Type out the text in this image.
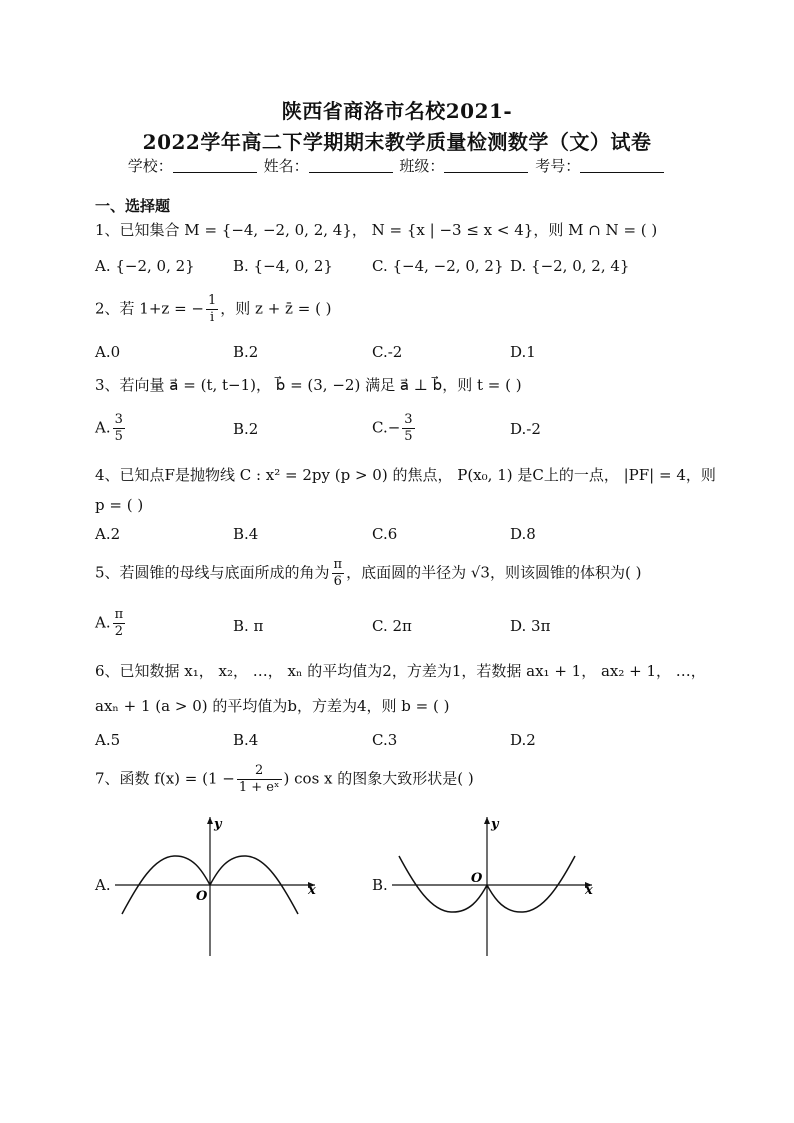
陕西省商洛市名校2021-
2022学年高二下学期期末教学质量检测数学（文）试卷
学校：	姓名：	班级：	考号：
一、选择题
1、已知集合 M = {−4, −2, 0, 2, 4}， N = {x | −3 ≤ x < 4}，则 M ∩ N = ( )
A. {−2, 0, 2}	B. {−4, 0, 2}	C. {−4, −2, 0, 2} D. {−2, 0, 2, 4}
2、若 1+z = − $\frac{1}{i}$ ，则 z + z̄ = ( )
A.0	B.2	C.-2	D.1
3、若向量 a⃗ = (t, t−1)， b⃗ = (3, −2) 满足 a⃗ ⊥ b⃗，则 t = ( )
A. $\frac{3}{5}$	B.2	$C.- \frac{3}{5}$	D.-2
4、已知点F是抛物线 C : x² = 2py (p > 0) 的焦点， P(x₀, 1) 是C上的一点， |PF| = 4，则
p = ( )
A.2	B.4	C.6	D.8
5、若圆锥的母线与底面所成的角为 $\frac{\pi}{6}$ ，底面圆的半径为 √3，则该圆锥的体积为( )
A. $\frac{\pi}{2}$	B. π	C. 2π	D. 3π
6、已知数据 x₁， x₂， …， xₙ 的平均值为2，方差为1，若数据 ax₁ + 1， ax₂ + 1， …，
axₙ + 1 (a > 0) 的平均值为b，方差为4，则 b = ( )
A.5	B.4	C.3	D.2
7、函数 $f(x) = (1 - \frac{2}{\text{1 + eˣ}}$ ) cos x 的图象大致形状是( )
A.
y
x
O
B.
y
x
O
